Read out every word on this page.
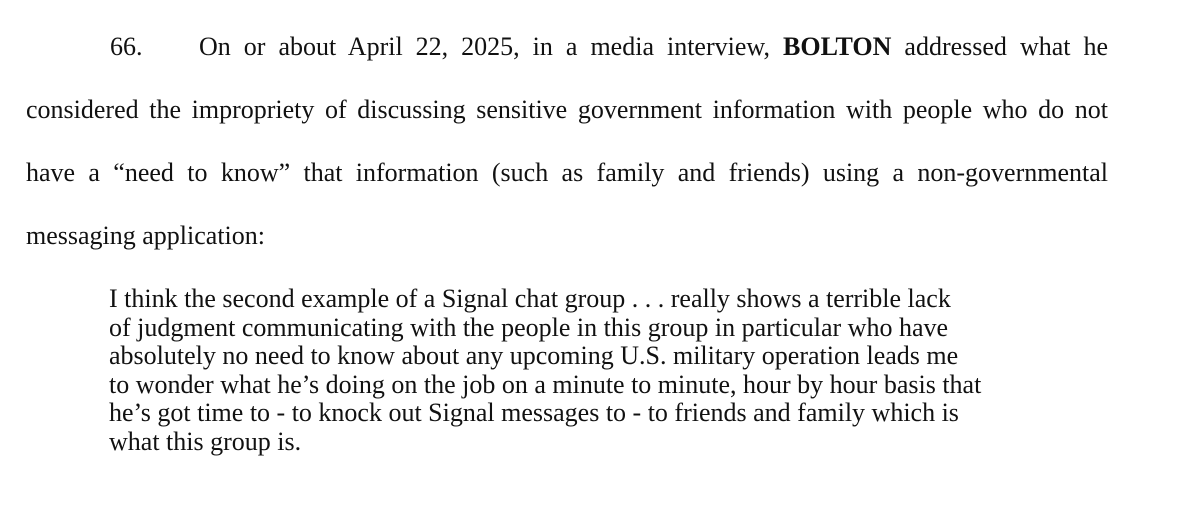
66. On or about April 22, 2025, in a media interview, BOLTON addressed what he
considered the impropriety of discussing sensitive government information with people who do not
have a “need to know” that information (such as family and friends) using a non-governmental
messaging application:
I think the second example of a Signal chat group . . . really shows a terrible lack
of judgment communicating with the people in this group in particular who have
absolutely no need to know about any upcoming U.S. military operation leads me
to wonder what he’s doing on the job on a minute to minute, hour by hour basis that
he’s got time to - to knock out Signal messages to - to friends and family which is
what this group is.
